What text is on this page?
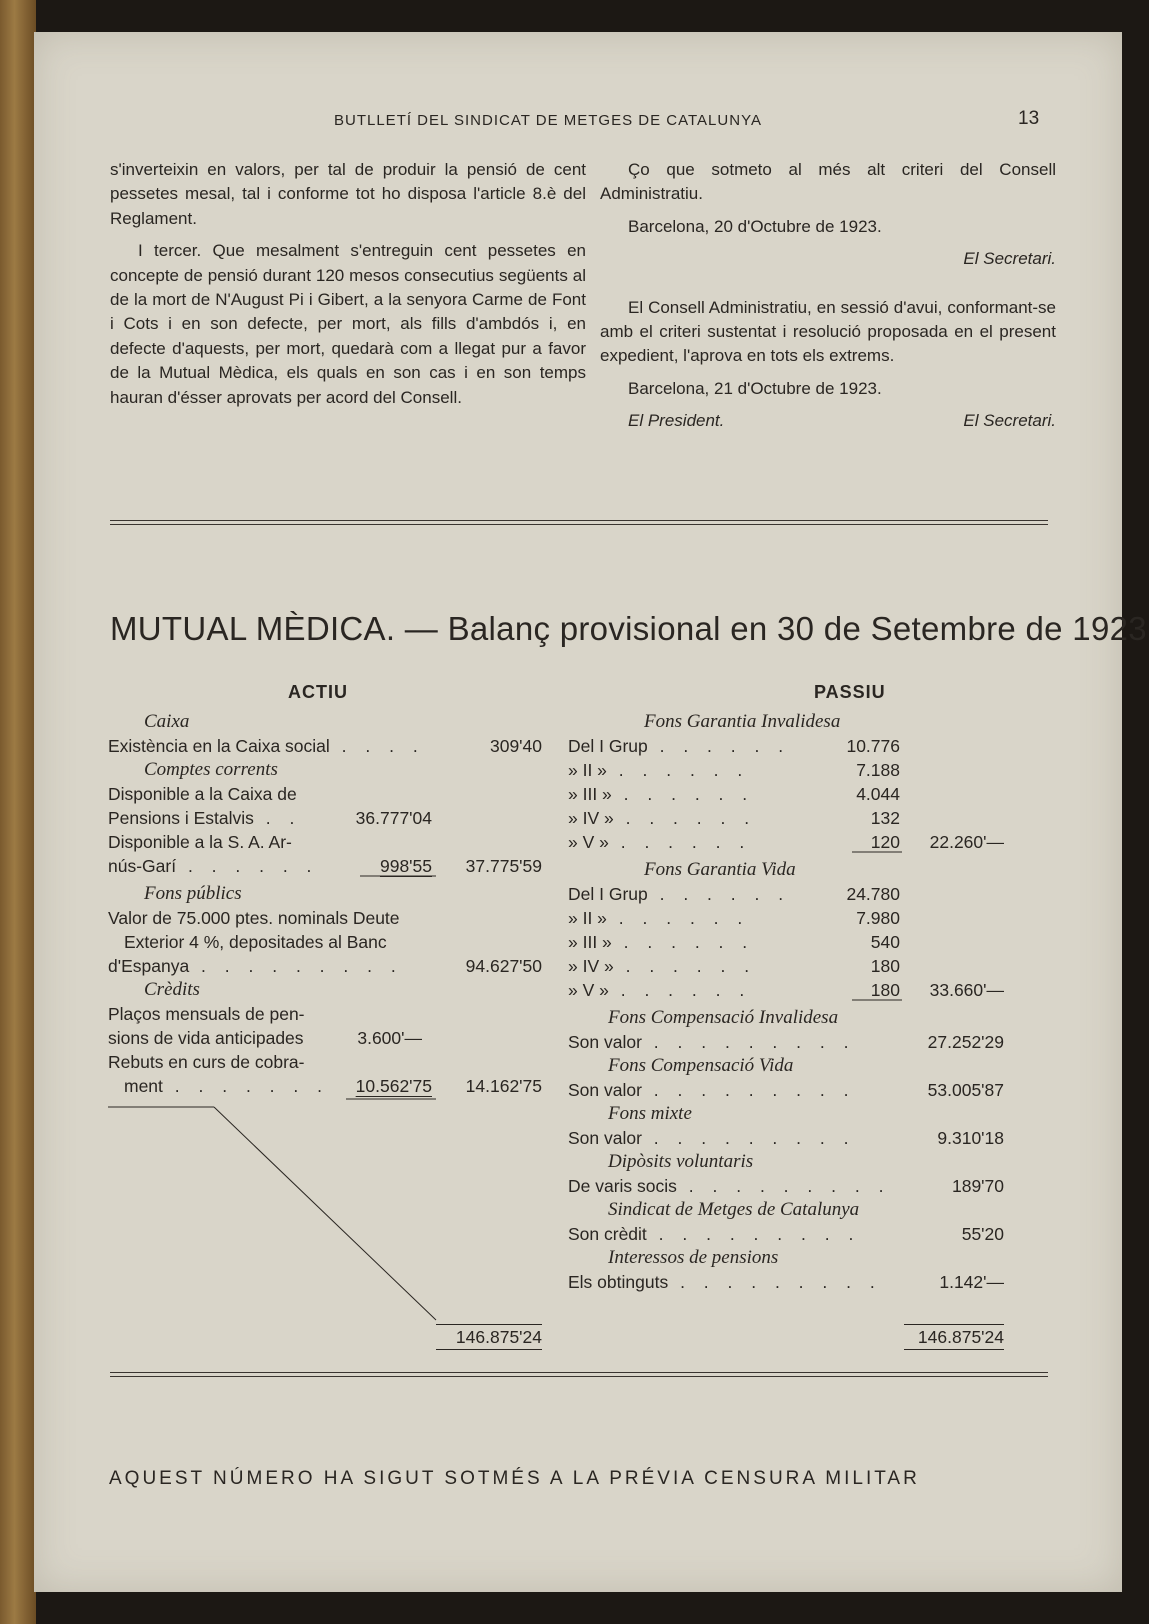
BUTLLETÍ DEL SINDICAT DE METGES DE CATALUNYA	13

s'inverteixin en valors, per tal de produir la pensió de cent pessetes mesal, tal i conforme tot ho disposa l'article 8.è del Reglament.

I tercer. Que mesalment s'entreguin cent pessetes en concepte de pensió durant 120 mesos consecutius següents al de la mort de N'August Pi i Gibert, a la senyora Carme de Font i Cots i en son defecte, per mort, als fills d'ambdós i, en defecte d'aquests, per mort, quedarà com a llegat pur a favor de la Mutual Mèdica, els quals en son cas i en son temps hauran d'ésser aprovats per acord del Consell.

Ço que sotmeto al més alt criteri del Consell Administratiu.

Barcelona, 20 d'Octubre de 1923.

El Secretari.

El Consell Administratiu, en sessió d'avui, conformant-se amb el criteri sustentat i resolució proposada en el present expedient, l'aprova en tots els extrems.

Barcelona, 21 d'Octubre de 1923.

El President.	El Secretari.

MUTUAL MÈDICA. — Balanç provisional en 30 de Setembre de 1923
ACTIU
Caixa
Existència en la Caixa social . . . .	309'40
Comptes corrents
Disponible a la Caixa de
Pensions i Estalvis . .	36.777'04
Disponible a la S. A. Ar-
nús-Garí . . . . . .	998'55	37.775'59
Fons públics
Valor de 75.000 ptes. nominals Deute
Exterior 4 %, depositades al Banc
d'Espanya . . . . . . . . .	94.627'50
Crèdits
Plaços mensuals de pen-
sions de vida anticipades	3.600'—
Rebuts en curs de cobra-
ment . . . . . . .	10.562'75	14.162'75
146.875'24
PASSIU
Fons Garantia Invalidesa
Del I Grup . . . . . .	10.776
» II » . . . . . .	7.188
» III » . . . . . .	4.044
» IV » . . . . . .	132
» V » . . . . . .	120	22.260'—
Fons Garantia Vida
Del I Grup . . . . . .	24.780
» II » . . . . . .	7.980
» III » . . . . . .	540
» IV » . . . . . .	180
» V » . . . . . .	180	33.660'—
Fons Compensació Invalidesa
Son valor . . . . . . . . .	27.252'29
Fons Compensació Vida
Son valor . . . . . . . . .	53.005'87
Fons mixte
Son valor . . . . . . . . .	9.310'18
Dipòsits voluntaris
De varis socis . . . . . . . . .	189'70
Sindicat de Metges de Catalunya
Son crèdit . . . . . . . . .	55'20
Interessos de pensions
Els obtinguts . . . . . . . . .	1.142'—
146.875'24
AQUEST NÚMERO HA SIGUT SOTMÉS A LA PRÉVIA CENSURA MILITAR
